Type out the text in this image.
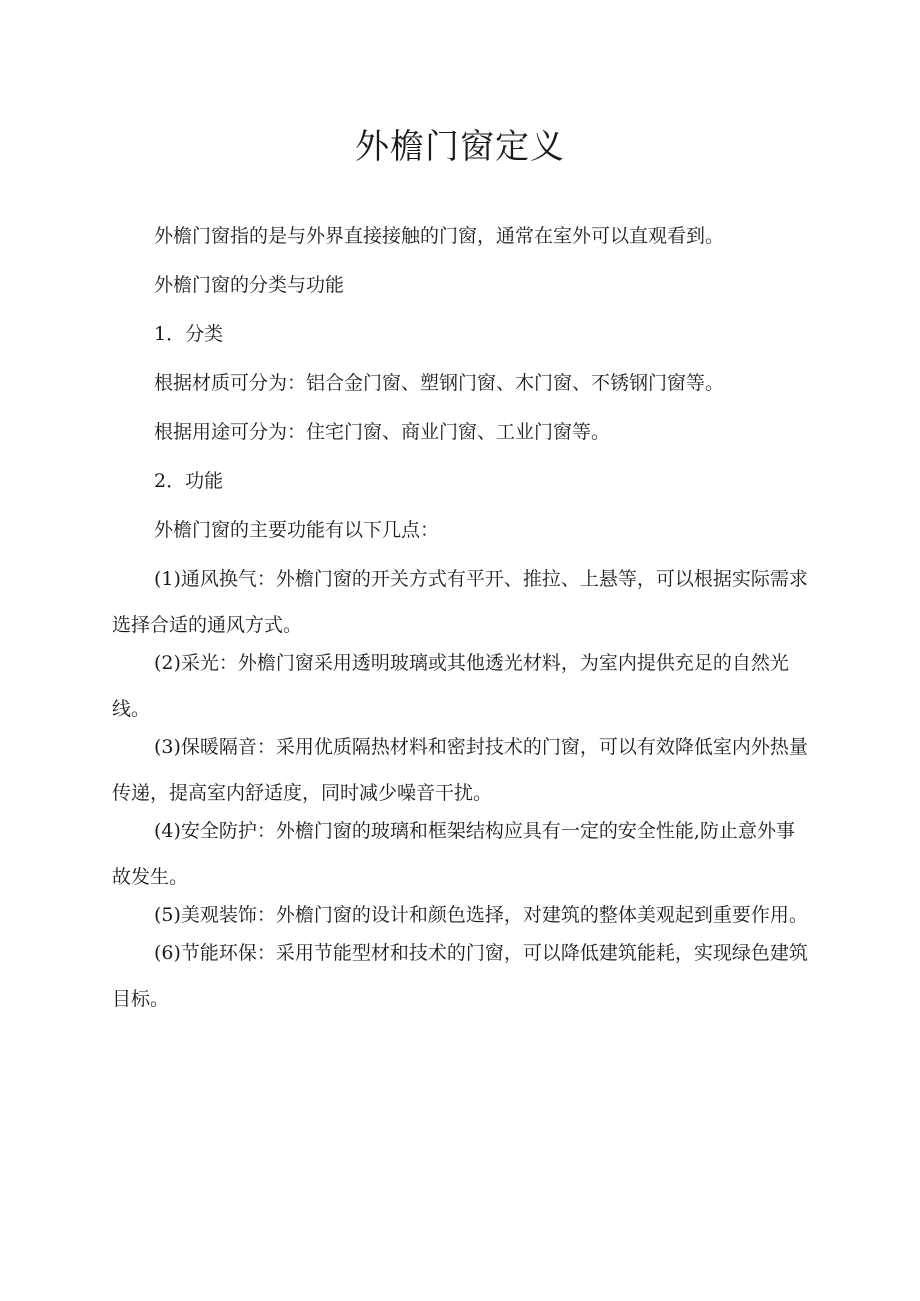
外檐门窗定义

外檐门窗指的是与外界直接接触的门窗，通常在室外可以直观看到。

外檐门窗的分类与功能

1．分类

根据材质可分为：铝合金门窗、塑钢门窗、木门窗、不锈钢门窗等。

根据用途可分为：住宅门窗、商业门窗、工业门窗等。

2．功能

外檐门窗的主要功能有以下几点：

(1)通风换气：外檐门窗的开关方式有平开、推拉、上悬等，可以根据实际需求选择合适的通风方式。

(2)采光：外檐门窗采用透明玻璃或其他透光材料，为室内提供充足的自然光线。

(3)保暖隔音：采用优质隔热材料和密封技术的门窗，可以有效降低室内外热量传递，提高室内舒适度，同时减少噪音干扰。

(4)安全防护：外檐门窗的玻璃和框架结构应具有一定的安全性能,防止意外事故发生。

(5)美观装饰：外檐门窗的设计和颜色选择，对建筑的整体美观起到重要作用。

(6)节能环保：采用节能型材和技术的门窗，可以降低建筑能耗，实现绿色建筑目标。
